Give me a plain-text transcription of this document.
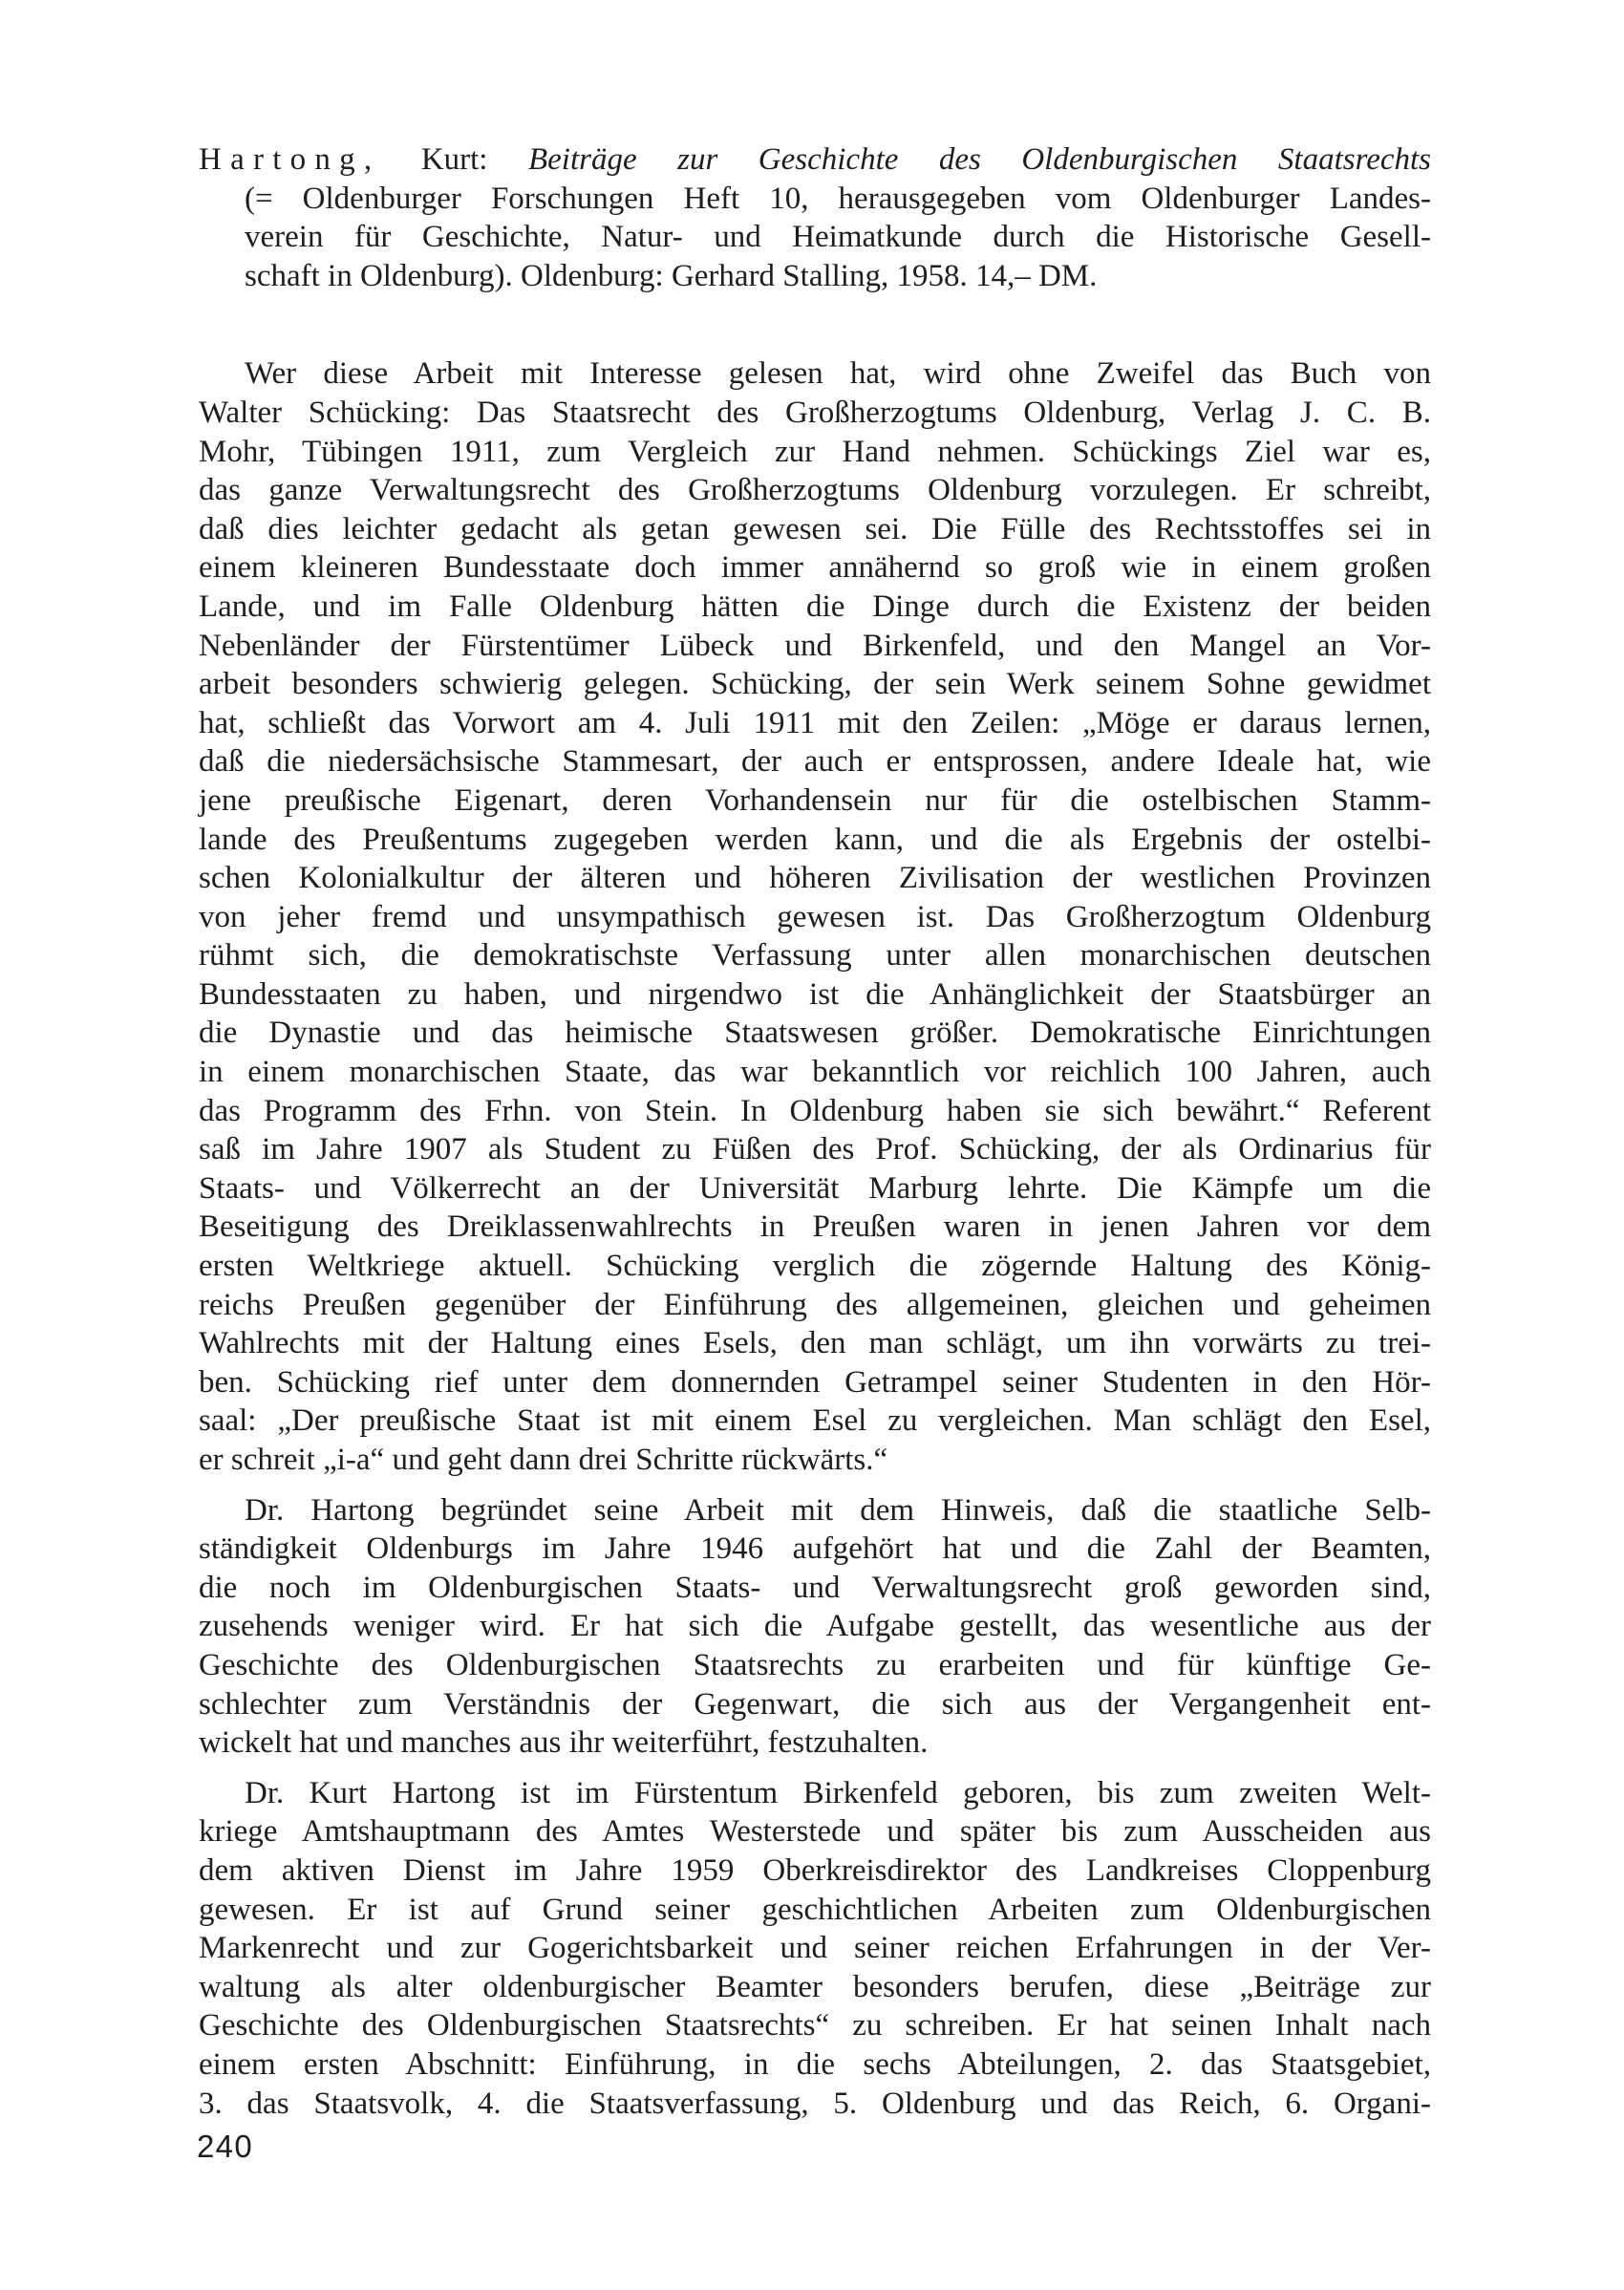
Hartong, Kurt: Beiträge zur Geschichte des Oldenburgischen Staatsrechts
(= Oldenburger Forschungen Heft 10, herausgegeben vom Oldenburger Landes-
verein für Geschichte, Natur- und Heimatkunde durch die Historische Gesell-
schaft in Oldenburg). Oldenburg: Gerhard Stalling, 1958. 14,– DM.
Wer diese Arbeit mit Interesse gelesen hat, wird ohne Zweifel das Buch von
Walter Schücking: Das Staatsrecht des Großherzogtums Oldenburg, Verlag J. C. B.
Mohr, Tübingen 1911, zum Vergleich zur Hand nehmen. Schückings Ziel war es,
das ganze Verwaltungsrecht des Großherzogtums Oldenburg vorzulegen. Er schreibt,
daß dies leichter gedacht als getan gewesen sei. Die Fülle des Rechtsstoffes sei in
einem kleineren Bundesstaate doch immer annähernd so groß wie in einem großen
Lande, und im Falle Oldenburg hätten die Dinge durch die Existenz der beiden
Nebenländer der Fürstentümer Lübeck und Birkenfeld, und den Mangel an Vor-
arbeit besonders schwierig gelegen. Schücking, der sein Werk seinem Sohne gewidmet
hat, schließt das Vorwort am 4. Juli 1911 mit den Zeilen: „Möge er daraus lernen,
daß die niedersächsische Stammesart, der auch er entsprossen, andere Ideale hat, wie
jene preußische Eigenart, deren Vorhandensein nur für die ostelbischen Stamm-
lande des Preußentums zugegeben werden kann, und die als Ergebnis der ostelbi-
schen Kolonialkultur der älteren und höheren Zivilisation der westlichen Provinzen
von jeher fremd und unsympathisch gewesen ist. Das Großherzogtum Oldenburg
rühmt sich, die demokratischste Verfassung unter allen monarchischen deutschen
Bundesstaaten zu haben, und nirgendwo ist die Anhänglichkeit der Staatsbürger an
die Dynastie und das heimische Staatswesen größer. Demokratische Einrichtungen
in einem monarchischen Staate, das war bekanntlich vor reichlich 100 Jahren, auch
das Programm des Frhn. von Stein. In Oldenburg haben sie sich bewährt.“ Referent
saß im Jahre 1907 als Student zu Füßen des Prof. Schücking, der als Ordinarius für
Staats- und Völkerrecht an der Universität Marburg lehrte. Die Kämpfe um die
Beseitigung des Dreiklassenwahlrechts in Preußen waren in jenen Jahren vor dem
ersten Weltkriege aktuell. Schücking verglich die zögernde Haltung des König-
reichs Preußen gegenüber der Einführung des allgemeinen, gleichen und geheimen
Wahlrechts mit der Haltung eines Esels, den man schlägt, um ihn vorwärts zu trei-
ben. Schücking rief unter dem donnernden Getrampel seiner Studenten in den Hör-
saal: „Der preußische Staat ist mit einem Esel zu vergleichen. Man schlägt den Esel,
er schreit „i-a“ und geht dann drei Schritte rückwärts.“
Dr. Hartong begründet seine Arbeit mit dem Hinweis, daß die staatliche Selb-
ständigkeit Oldenburgs im Jahre 1946 aufgehört hat und die Zahl der Beamten,
die noch im Oldenburgischen Staats- und Verwaltungsrecht groß geworden sind,
zusehends weniger wird. Er hat sich die Aufgabe gestellt, das wesentliche aus der
Geschichte des Oldenburgischen Staatsrechts zu erarbeiten und für künftige Ge-
schlechter zum Verständnis der Gegenwart, die sich aus der Vergangenheit ent-
wickelt hat und manches aus ihr weiterführt, festzuhalten.
Dr. Kurt Hartong ist im Fürstentum Birkenfeld geboren, bis zum zweiten Welt-
kriege Amtshauptmann des Amtes Westerstede und später bis zum Ausscheiden aus
dem aktiven Dienst im Jahre 1959 Oberkreisdirektor des Landkreises Cloppenburg
gewesen. Er ist auf Grund seiner geschichtlichen Arbeiten zum Oldenburgischen
Markenrecht und zur Gogerichtsbarkeit und seiner reichen Erfahrungen in der Ver-
waltung als alter oldenburgischer Beamter besonders berufen, diese „Beiträge zur
Geschichte des Oldenburgischen Staatsrechts“ zu schreiben. Er hat seinen Inhalt nach
einem ersten Abschnitt: Einführung, in die sechs Abteilungen, 2. das Staatsgebiet,
3. das Staatsvolk, 4. die Staatsverfassung, 5. Oldenburg und das Reich, 6. Organi-
240
